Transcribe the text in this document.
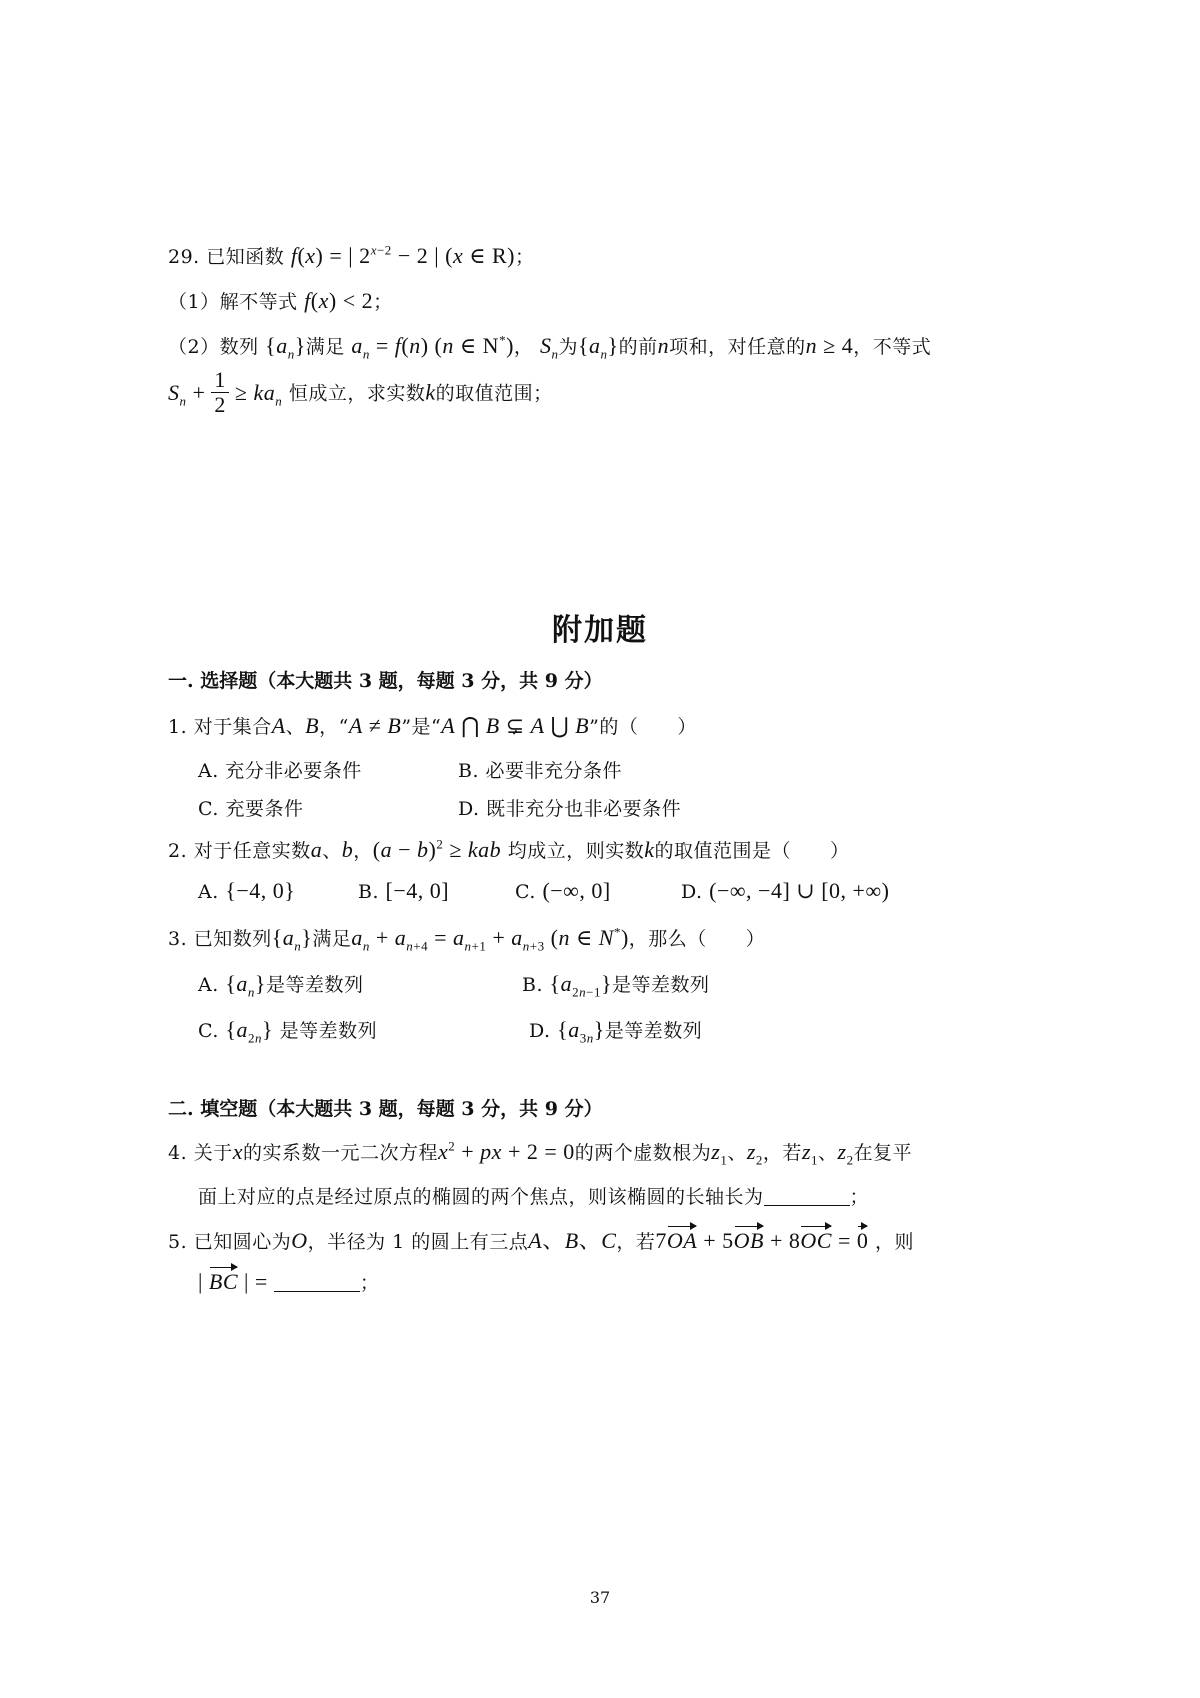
29. 已知函数 f(x) = | $2^{x-2} - 2$ | (x ∈ R)；
（1）解不等式 f(x) < 2；
（2）数列 $\{a_n\}$满足 $a_n = f(n)$ (n ∈ N*)， $S_n$为$\{a_n\}$的前n项和，对任意的n ≥ 4，不等式
$S_n + \frac{1}{2} \ge ka_n$ 恒成立，求实数k的取值范围；
附加题
一. 选择题（本大题共 3 题，每题 3 分，共 9 分）
1. 对于集合A、B，“A ≠ B”是“A ⋂ B ⊊ A ⋃ B”的（　　）
A. 充分非必要条件	B. 必要非充分条件
C. 充要条件	D. 既非充分也非必要条件
2. 对于任意实数a、b，$(a - b)^2$ ≥ kab 均成立，则实数k的取值范围是（　　）
A. {−4, 0}	B. [−4, 0]	C. (−∞, 0]	D. (−∞, −4] ∪ [0, +∞)
3. 已知数列$\{a_n\}$满足$a_n + a_{n+4} = a_{n+1} + a_{n+3}$ (n ∈ N*)，那么（　　）
A. $\{a_n\}$是等差数列	B. $\{a_{2n-1}\}$是等差数列
C. $\{a_{2n}\}$ 是等差数列	D. $\{a_{3n}\}$是等差数列
二. 填空题（本大题共 3 题，每题 3 分，共 9 分）
4. 关于x的实系数一元二次方程$x^2$ + px + 2 = 0的两个虚数根为$z_1$、$z_2$，若$z_1$、$z_2$在复平
面上对应的点是经过原点的椭圆的两个焦点，则该椭圆的长轴长为	；
5. 已知圆心为O，半径为 1 的圆上有三点A、B、C，若7OA + 5OB + 8OC = 0 ，则
| BC | =	；
37
